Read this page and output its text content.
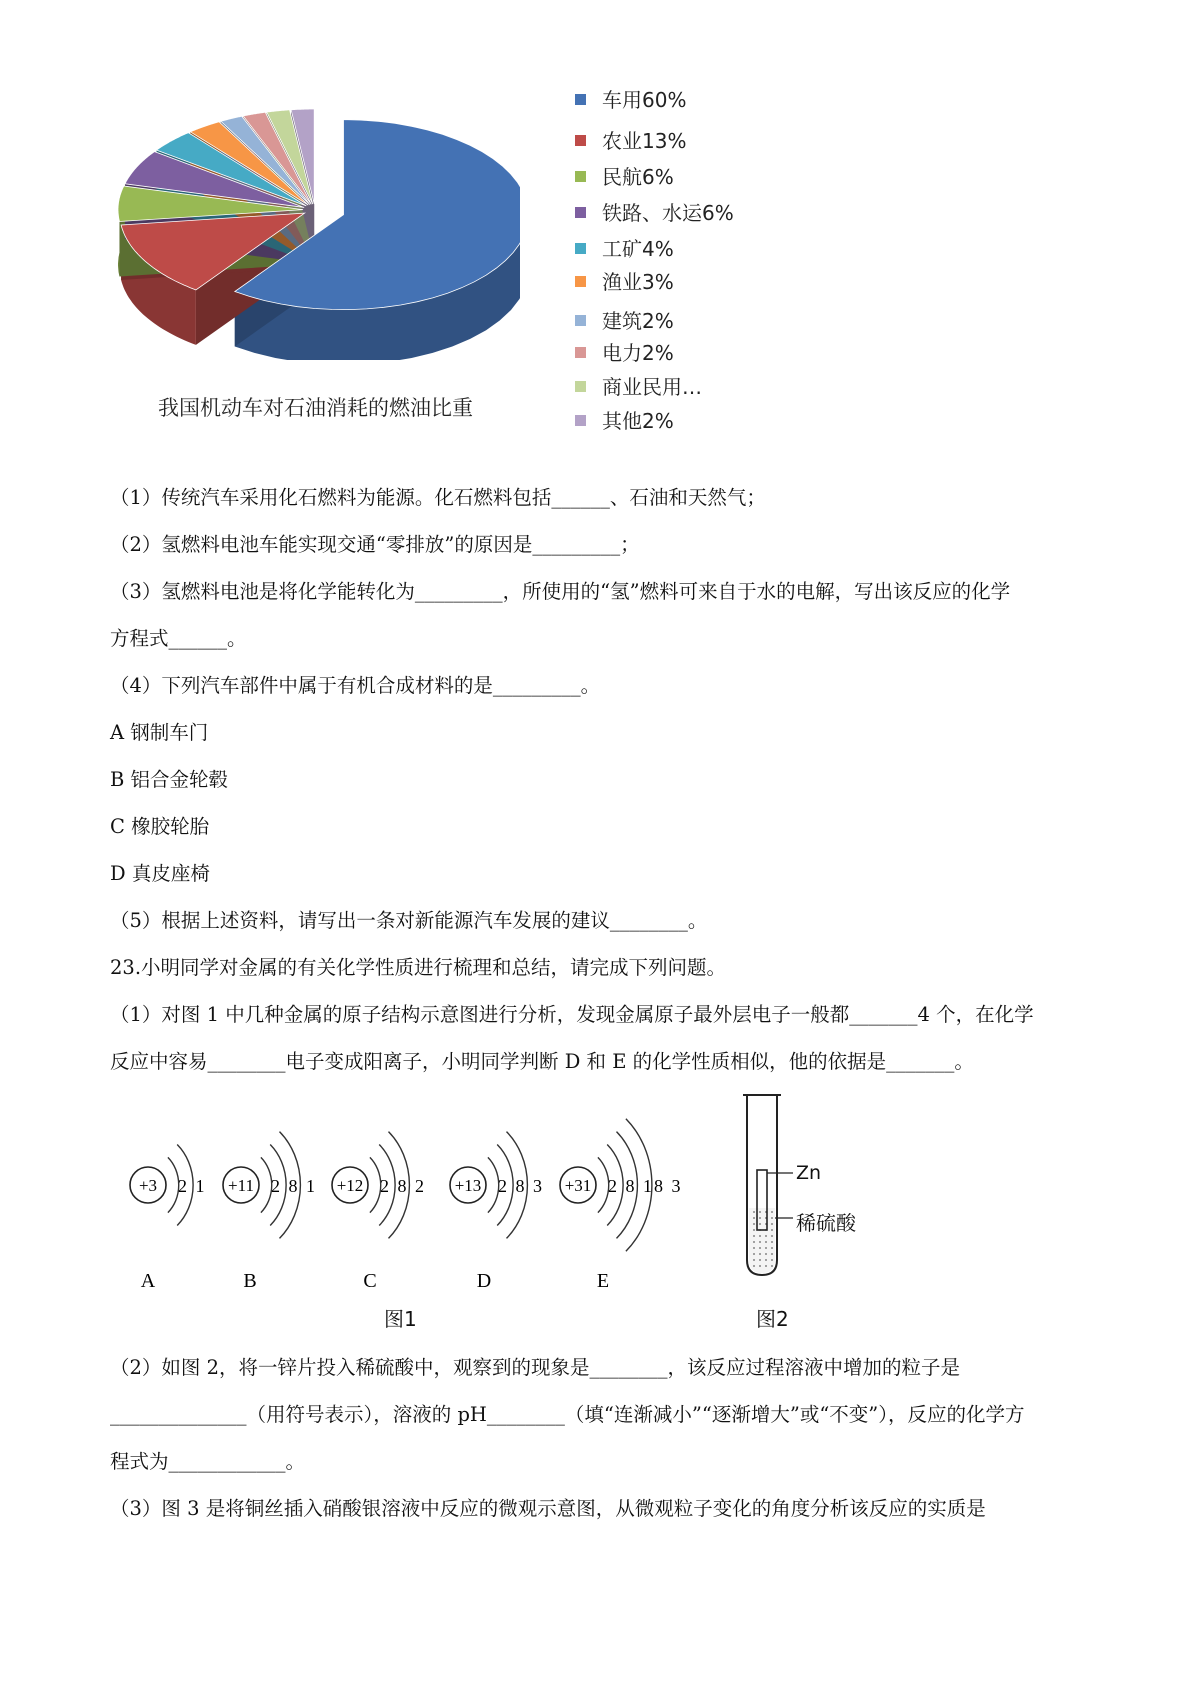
我国机动车对石油消耗的燃油比重
车用60%
农业13%
民航6%
铁路、水运6%
工矿4%
渔业3%
建筑2%
电力2%
商业民用…
其他2%
（1）传统汽车采用化石燃料为能源。化石燃料包括______、石油和天然气；
（2）氢燃料电池车能实现交通“零排放”的原因是_________；
（3）氢燃料电池是将化学能转化为_________，所使用的“氢”燃料可来自于水的电解，写出该反应的化学
方程式______。
（4）下列汽车部件中属于有机合成材料的是_________。
A 钢制车门
B 铝合金轮毂
C 橡胶轮胎
D 真皮座椅
（5）根据上述资料，请写出一条对新能源汽车发展的建议________。
23.小明同学对金属的有关化学性质进行梳理和总结，请完成下列问题。
（1）对图 1 中几种金属的原子结构示意图进行分析，发现金属原子最外层电子一般都_______4 个，在化学
反应中容易________电子变成阳离子，小明同学判断 D 和 E 的化学性质相似，他的依据是_______。
+3 2 1
A
+11 2 8 1
B
+12 2 8 2
C
+13 2 8 3
D
+31 2 8 18 3
E
图1
Zn
稀硫酸
图2
（2）如图 2，将一锌片投入稀硫酸中，观察到的现象是________，该反应过程溶液中增加的粒子是
______________（用符号表示），溶液的 pH________（填“连渐减小”“逐渐增大”或“不变”），反应的化学方
程式为____________。
（3）图 3 是将铜丝插入硝酸银溶液中反应的微观示意图，从微观粒子变化的角度分析该反应的实质是
